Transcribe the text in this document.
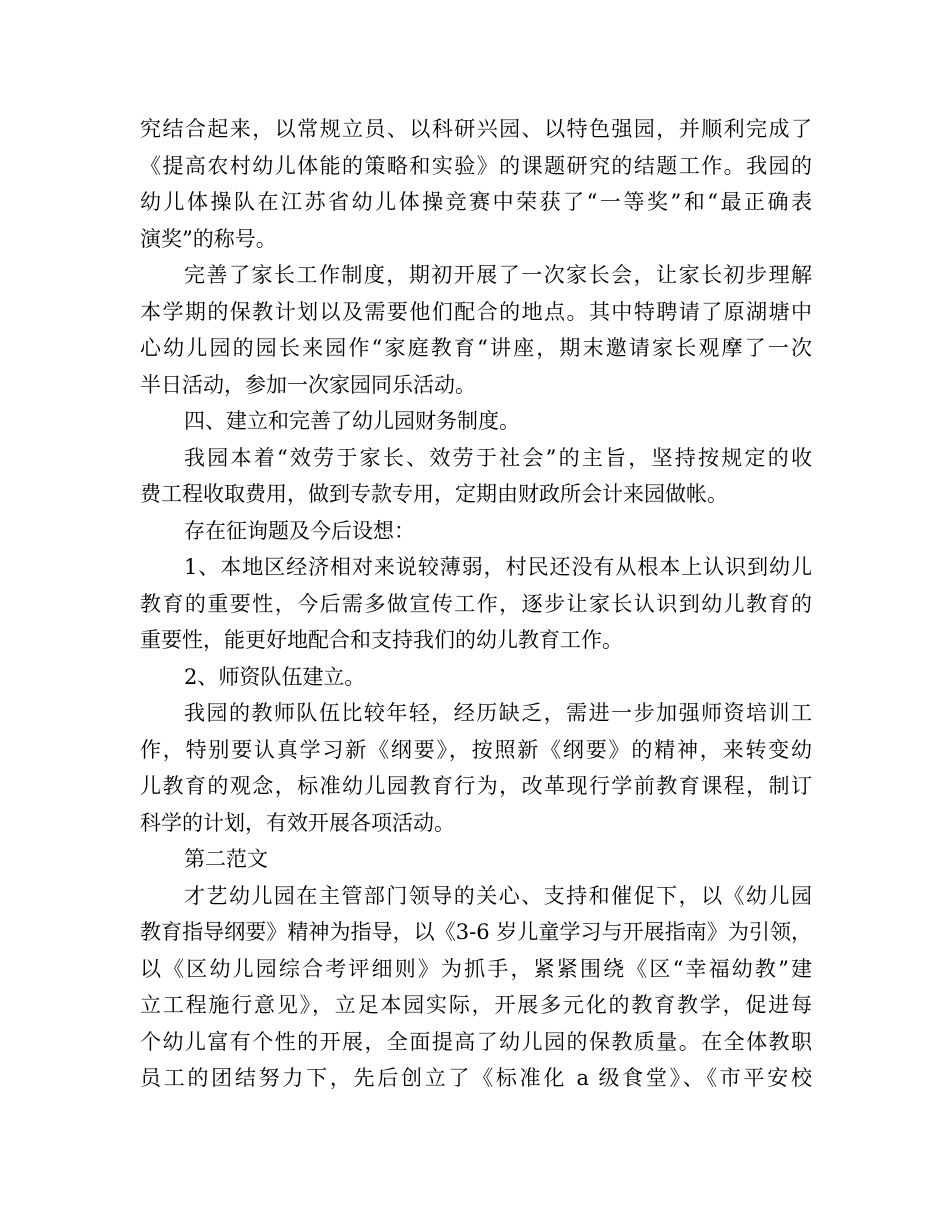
究结合起来，以常规立员、以科研兴园、以特色强园，并顺利完成了
《提高农村幼儿体能的策略和实验》的课题研究的结题工作。我园的
幼儿体操队在江苏省幼儿体操竞赛中荣获了“一等奖”和“最正确表
演奖”的称号。
完善了家长工作制度，期初开展了一次家长会，让家长初步理解
本学期的保教计划以及需要他们配合的地点。其中特聘请了原湖塘中
心幼儿园的园长来园作“家庭教育“讲座，期末邀请家长观摩了一次
半日活动，参加一次家园同乐活动。
四、建立和完善了幼儿园财务制度。
我园本着“效劳于家长、效劳于社会”的主旨，坚持按规定的收
费工程收取费用，做到专款专用，定期由财政所会计来园做帐。
存在征询题及今后设想：
1、本地区经济相对来说较薄弱，村民还没有从根本上认识到幼儿
教育的重要性，今后需多做宣传工作，逐步让家长认识到幼儿教育的
重要性，能更好地配合和支持我们的幼儿教育工作。
2、师资队伍建立。
我园的教师队伍比较年轻，经历缺乏，需进一步加强师资培训工
作，特别要认真学习新《纲要》，按照新《纲要》的精神，来转变幼
儿教育的观念，标准幼儿园教育行为，改革现行学前教育课程，制订
科学的计划，有效开展各项活动。
第二范文
才艺幼儿园在主管部门领导的关心、支持和催促下，以《幼儿园
教育指导纲要》精神为指导，以《3-6 岁儿童学习与开展指南》为引领，
以《区幼儿园综合考评细则》为抓手，紧紧围绕《区“幸福幼教”建
立工程施行意见》，立足本园实际，开展多元化的教育教学，促进每
个幼儿富有个性的开展，全面提高了幼儿园的保教质量。在全体教职
员工的团结努力下，先后创立了《标准化 a 级食堂》、《市平安校
